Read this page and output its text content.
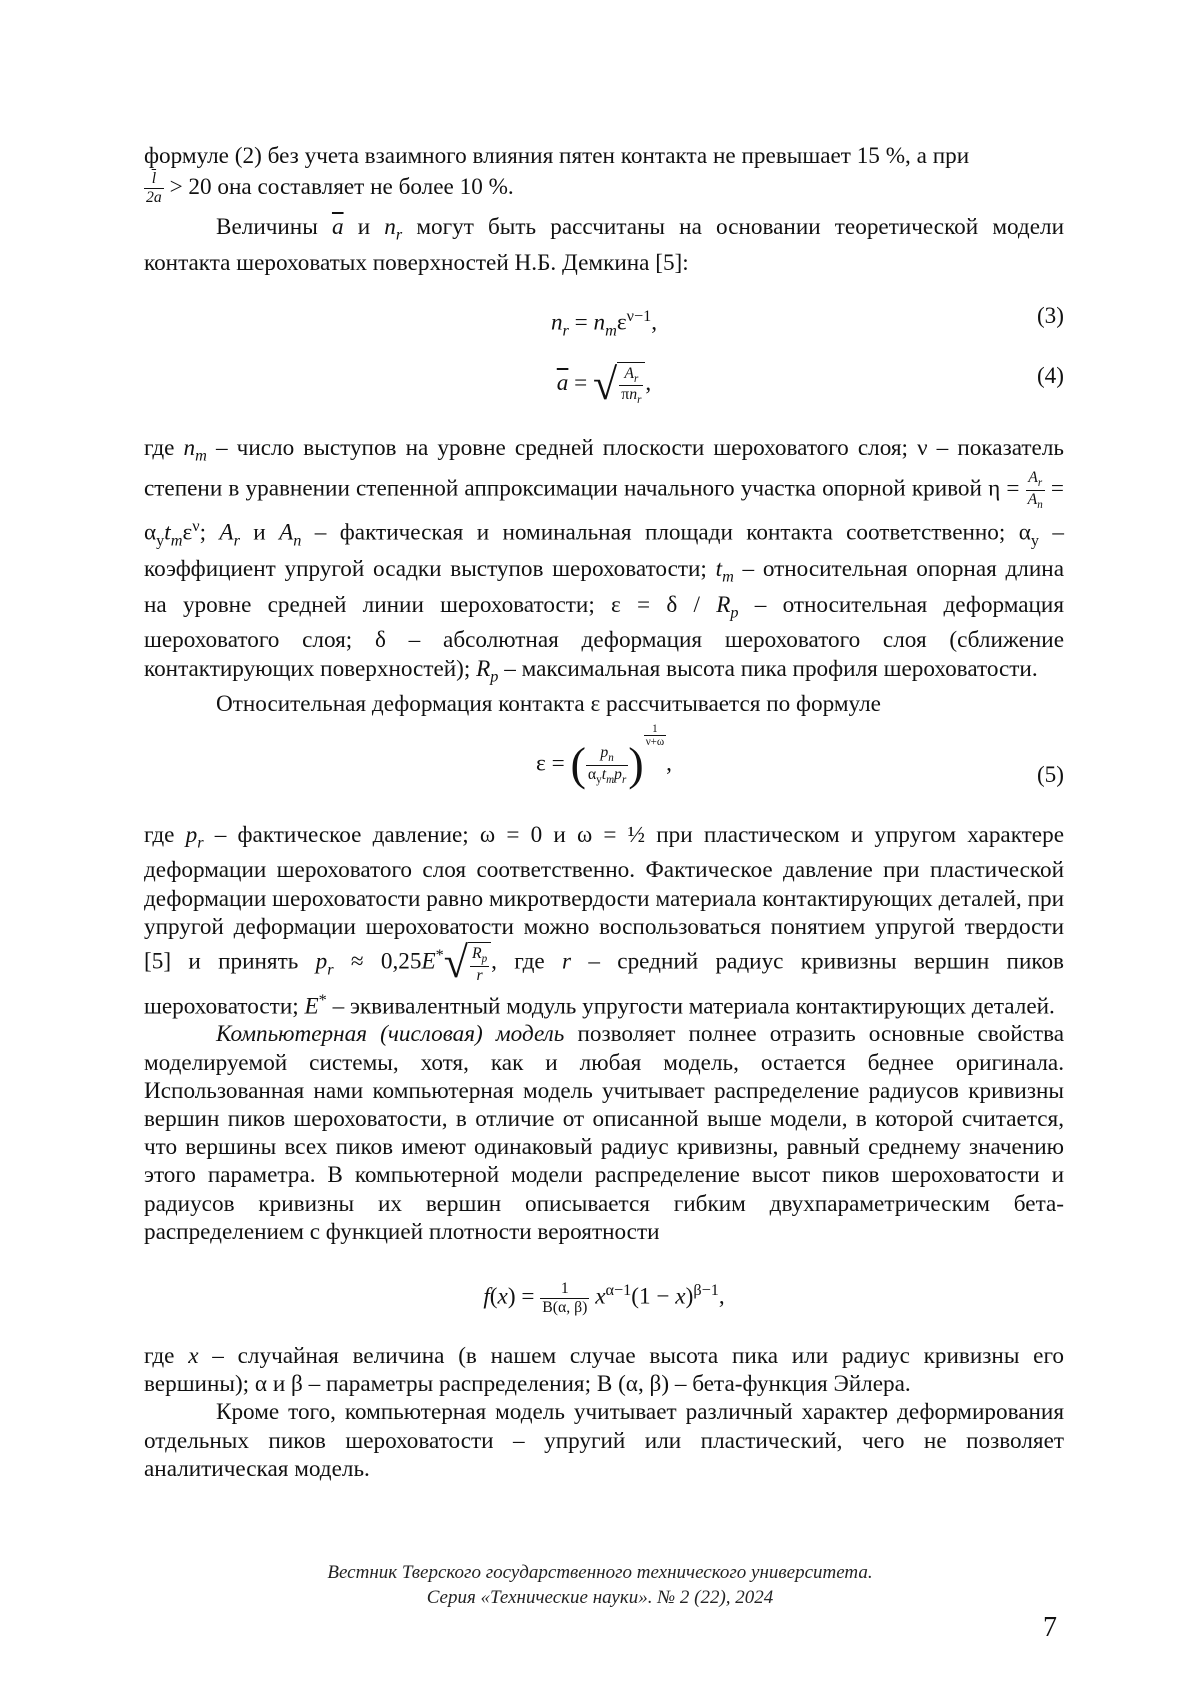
формуле (2) без учета взаимного влияния пятен контакта не превышает 15 %, а при

l
2a > 20 она составляет не более 10 %.

Величины a и nr могут быть рассчитаны на основании теоретической модели контакта шероховатых поверхностей Н.Б. Демкина [5]:

nr = nmεν−1,	(3)
a = √ Ar
πnr
,	(4)

где nm – число выступов на уровне средней плоскости шероховатого слоя; ν – показатель степени в уравнении степенной аппроксимации начального участка опорной кривой η = Ar
An
= αytmεν; Ar и An – фактическая и номинальная площади контакта соответственно; αy – коэффициент упругой осадки выступов шероховатости; tm – относительная опорная длина на уровне средней линии шероховатости; ε = δ / Rp – относительная деформация шероховатого слоя; δ – абсолютная деформация шероховатого слоя (сближение контактирующих поверхностей); Rp – максимальная высота пика профиля шероховатости.

Относительная деформация контакта ε рассчитывается по формуле

ε = ( pn
αytmpr )
1
ν+ω
,	(5)

где pr – фактическое давление; ω = 0 и ω = ½ при пластическом и упругом характере деформации шероховатого слоя соответственно. Фактическое давление при пластической деформации шероховатости равно микротвердости материала контактирующих деталей, при упругой деформации шероховатости можно воспользоваться понятием упругой твердости [5] и принять pr ≈ 0,25E*√ Rp
r
, где r – средний радиус кривизны вершин пиков шероховатости; E* – эквивалентный модуль упругости материала контактирующих деталей.

Компьютерная (числовая) модель позволяет полнее отразить основные свойства моделируемой системы, хотя, как и любая модель, остается беднее оригинала. Использованная нами компьютерная модель учитывает распределение радиусов кривизны вершин пиков шероховатости, в отличие от описанной выше модели, в которой считается, что вершины всех пиков имеют одинаковый радиус кривизны, равный среднему значению этого параметра. В компьютерной модели распределение высот пиков шероховатости и радиусов кривизны их вершин описывается гибким двухпараметрическим бета-распределением с функцией плотности вероятности

f(x) =	1
B(α, β) xα−1(1 − x)β−1,

где x – случайная величина (в нашем случае высота пика или радиус кривизны его вершины); α и β – параметры распределения; B (α, β) – бета-функция Эйлера.

Кроме того, компьютерная модель учитывает различный характер деформирования отдельных пиков шероховатости – упругий или пластический, чего не позволяет аналитическая модель.

Вестник Тверского государственного технического университета.
Серия «Технические науки». № 2 (22), 2024
7
